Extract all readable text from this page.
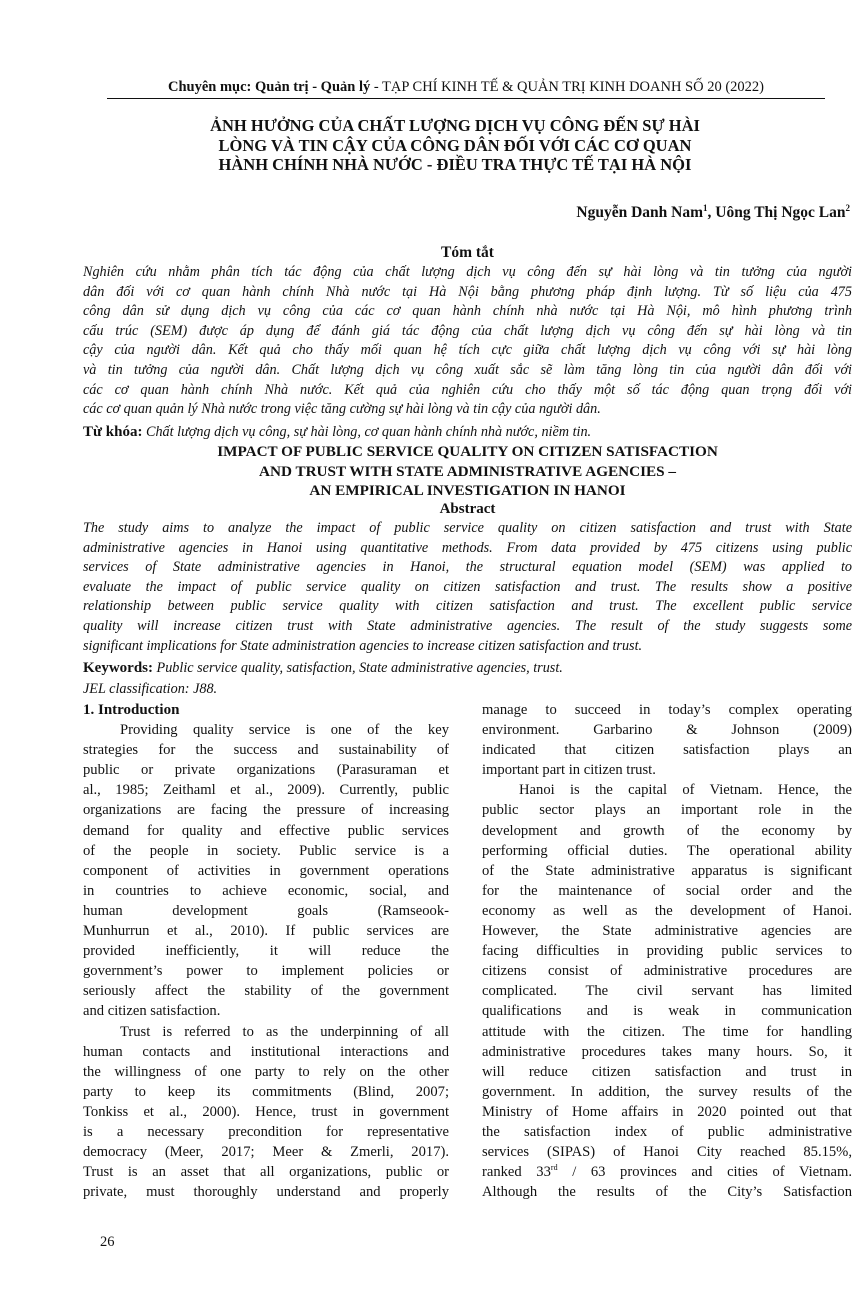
Chuyên mục: Quản trị - Quản lý - TẠP CHÍ KINH TẾ & QUẢN TRỊ KINH DOANH SỐ 20 (2022)
ẢNH HƯỞNG CỦA CHẤT LƯỢNG DỊCH VỤ CÔNG ĐẾN SỰ HÀI
LÒNG VÀ TIN CẬY CỦA CÔNG DÂN ĐỐI VỚI CÁC CƠ QUAN
HÀNH CHÍNH NHÀ NƯỚC - ĐIỀU TRA THỰC TẾ TẠI HÀ NỘI
Nguyễn Danh Nam$^1$, Uông Thị Ngọc Lan$^2$
Tóm tắt
Nghiên cứu nhằm phân tích tác động của chất lượng dịch vụ công đến sự hài lòng và tin tưởng của người
dân đối với cơ quan hành chính Nhà nước tại Hà Nội bằng phương pháp định lượng. Từ số liệu của 475
công dân sử dụng dịch vụ công của các cơ quan hành chính nhà nước tại Hà Nội, mô hình phương trình
cấu trúc (SEM) được áp dụng để đánh giá tác động của chất lượng dịch vụ công đến sự hài lòng và tin
cậy của người dân. Kết quả cho thấy mối quan hệ tích cực giữa chất lượng dịch vụ công với sự hài lòng
và tin tưởng của người dân. Chất lượng dịch vụ công xuất sắc sẽ làm tăng lòng tin của người dân đối với
các cơ quan hành chính Nhà nước. Kết quả của nghiên cứu cho thấy một số tác động quan trọng đối với
các cơ quan quản lý Nhà nước trong việc tăng cường sự hài lòng và tin cậy của người dân.
Từ khóa: Chất lượng dịch vụ công, sự hài lòng, cơ quan hành chính nhà nước, niềm tin.
IMPACT OF PUBLIC SERVICE QUALITY ON CITIZEN SATISFACTION
AND TRUST WITH STATE ADMINISTRATIVE AGENCIES –
AN EMPIRICAL INVESTIGATION IN HANOI
Abstract
The study aims to analyze the impact of public service quality on citizen satisfaction and trust with State
administrative agencies in Hanoi using quantitative methods. From data provided by 475 citizens using public
services of State administrative agencies in Hanoi, the structural equation model (SEM) was applied to
evaluate the impact of public service quality on citizen satisfaction and trust. The results show a positive
relationship between public service quality with citizen satisfaction and trust. The excellent public service
quality will increase citizen trust with State administrative agencies. The result of the study suggests some
significant implications for State administration agencies to increase citizen satisfaction and trust.
Keywords: Public service quality, satisfaction, State administrative agencies, trust.
JEL classification: J88.
1. Introduction
Providing quality service is one of the key
strategies for the success and sustainability of
public or private organizations (Parasuraman et
al., 1985; Zeithaml et al., 2009). Currently, public
organizations are facing the pressure of increasing
demand for quality and effective public services
of the people in society. Public service is a
component of activities in government operations
in countries to achieve economic, social, and
human development goals (Ramseook-
Munhurrun et al., 2010). If public services are
provided inefficiently, it will reduce the
government’s power to implement policies or
seriously affect the stability of the government
and citizen satisfaction.
Trust is referred to as the underpinning of all
human contacts and institutional interactions and
the willingness of one party to rely on the other
party to keep its commitments (Blind, 2007;
Tonkiss et al., 2000). Hence, trust in government
is a necessary precondition for representative
democracy (Meer, 2017; Meer & Zmerli, 2017).
Trust is an asset that all organizations, public or
private, must thoroughly understand and properly
manage to succeed in today’s complex operating
environment. Garbarino & Johnson (2009)
indicated that citizen satisfaction plays an
important part in citizen trust.
Hanoi is the capital of Vietnam. Hence, the
public sector plays an important role in the
development and growth of the economy by
performing official duties. The operational ability
of the State administrative apparatus is significant
for the maintenance of social order and the
economy as well as the development of Hanoi.
However, the State administrative agencies are
facing difficulties in providing public services to
citizens consist of administrative procedures are
complicated. The civil servant has limited
qualifications and is weak in communication
attitude with the citizen. The time for handling
administrative procedures takes many hours. So, it
will reduce citizen satisfaction and trust in
government. In addition, the survey results of the
Ministry of Home affairs in 2020 pointed out that
the satisfaction index of public administrative
services (SIPAS) of Hanoi City reached 85.15%,
ranked 33rd / 63 provinces and cities of Vietnam.
Although the results of the City’s Satisfaction
26
